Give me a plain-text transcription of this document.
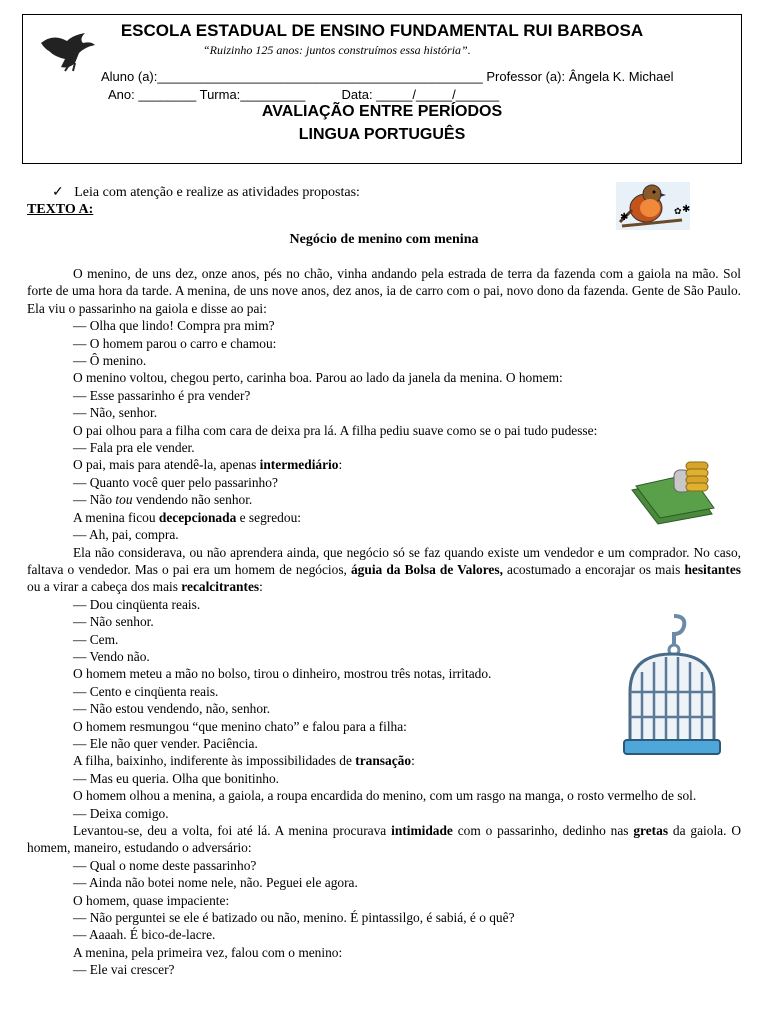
ESCOLA ESTADUAL DE ENSINO FUNDAMENTAL RUI BARBOSA
“Ruizinho 125 anos: juntos construímos essa história”.
Aluno (a):_____________________________________________ Professor (a): Ângela K. Michael
Ano: ________ Turma:_________	Data: _____/_____/______
AVALIAÇÃO ENTRE PERÍODOS
LINGUA PORTUGUÊS
✓ Leia com atenção e realize as atividades propostas:
TEXTO A:
✱	✿ ✱
Negócio de menino com menina

O menino, de uns dez, onze anos, pés no chão, vinha andando pela estrada de terra da fazenda com a gaiola na mão. Sol forte de uma hora da tarde. A menina, de uns nove anos, dez anos, ia de carro com o pai, novo dono da fazenda. Gente de São Paulo. Ela viu o passarinho na gaiola e disse ao pai:

— Olha que lindo! Compra pra mim?

— O homem parou o carro e chamou:

— Ô menino.

O menino voltou, chegou perto, carinha boa. Parou ao lado da janela da menina. O homem:

— Esse passarinho é pra vender?

— Não, senhor.

O pai olhou para a filha com cara de deixa pra lá. A filha pediu suave como se o pai tudo pudesse:

— Fala pra ele vender.

O pai, mais para atendê-la, apenas intermediário:

— Quanto você quer pelo passarinho?

— Não tou vendendo não senhor.

A menina ficou decepcionada e segredou:

— Ah, pai, compra.

Ela não considerava, ou não aprendera ainda, que negócio só se faz quando existe um vendedor e um comprador. No caso, faltava o vendedor. Mas o pai era um homem de negócios, águia da Bolsa de Valores, acostumado a encorajar os mais hesitantes ou a virar a cabeça dos mais recalcitrantes:

— Dou cinqüenta reais.

— Não senhor.

— Cem.

— Vendo não.

O homem meteu a mão no bolso, tirou o dinheiro, mostrou três notas, irritado.

— Cento e cinqüenta reais.

— Não estou vendendo, não, senhor.

O homem resmungou “que menino chato” e falou para a filha:

— Ele não quer vender. Paciência.

A filha, baixinho, indiferente às impossibilidades de transação:

— Mas eu queria. Olha que bonitinho.

O homem olhou a menina, a gaiola, a roupa encardida do menino, com um rasgo na manga, o rosto vermelho de sol.

— Deixa comigo.

Levantou-se, deu a volta, foi até lá. A menina procurava intimidade com o passarinho, dedinho nas gretas da gaiola. O homem, maneiro, estudando o adversário:

— Qual o nome deste passarinho?

— Ainda não botei nome nele, não. Peguei ele agora.

O homem, quase impaciente:

— Não perguntei se ele é batizado ou não, menino. É pintassilgo, é sabiá, é o quê?

— Aaaah. É bico-de-lacre.

A menina, pela primeira vez, falou com o menino:

— Ele vai crescer?
